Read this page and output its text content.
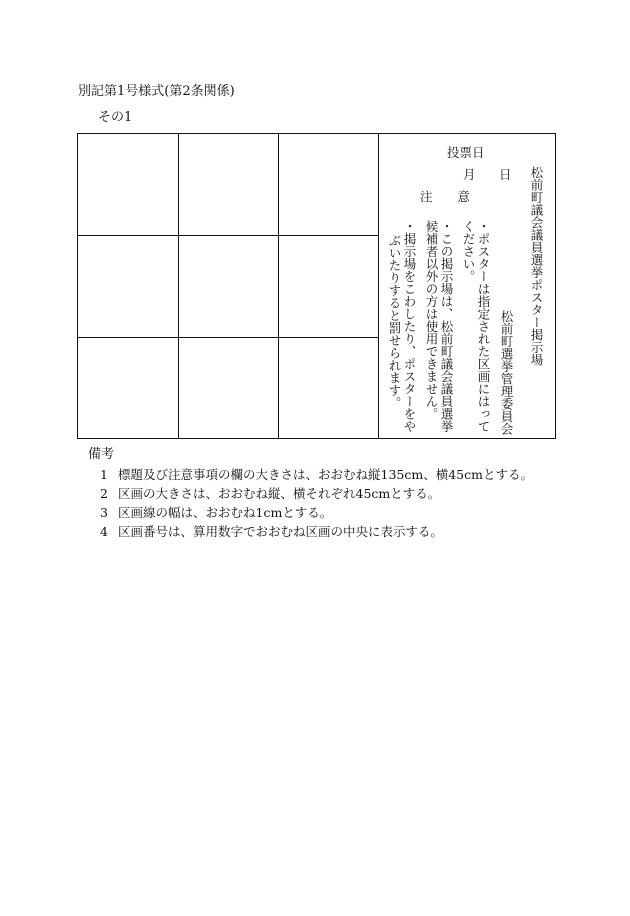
別記第1号様式(第2条関係)
その1
松前町議会議員選挙ポスター掲示場
松前町選挙管理委員会
投票日
月 日
注　　意
・ポスターは指定された区画にはって
ください。
・この掲示場は、松前町議会議員選挙
候補者以外の方は使用できません。
・掲示場をこわしたり、ポスターをや
ぶいたりすると罰せられます。
備考
1 標題及び注意事項の欄の大きさは、おおむね縦135cm、横45cmとする。
2 区画の大きさは、おおむね縦、横それぞれ45cmとする。
3 区画線の幅は、おおむね1cmとする。
4 区画番号は、算用数字でおおむね区画の中央に表示する。
